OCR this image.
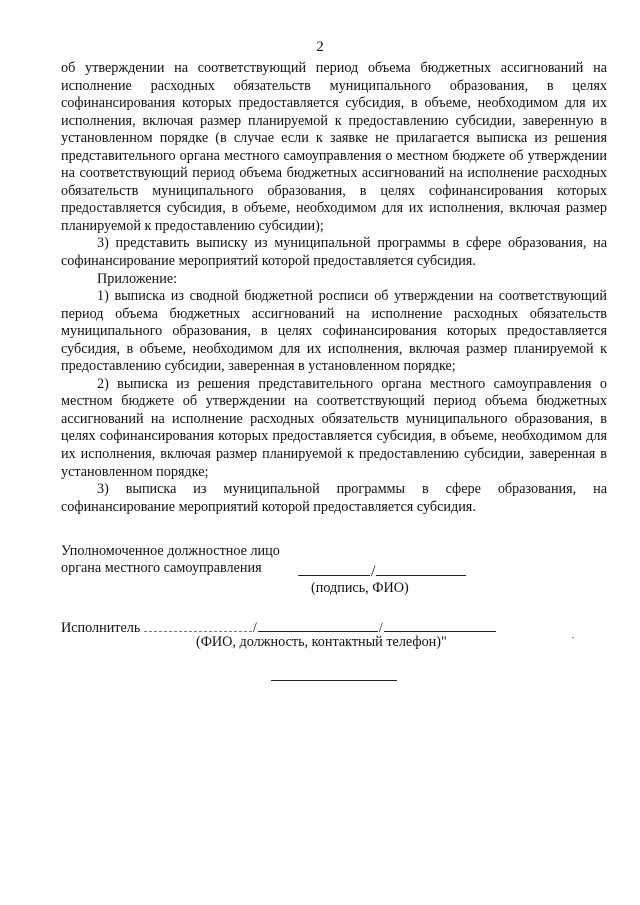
2

об утверждении на соответствующий период объема бюджетных ассигнований на исполнение расходных обязательств муниципального образования, в целях софинансирования которых предоставляется субсидия, в объеме, необходимом для их исполнения, включая размер планируемой к предоставлению субсидии, заверенную в установленном порядке (в случае если к заявке не прилагается выписка из решения представительного органа местного самоуправления о местном бюджете об утверждении на соответствующий период объема бюджетных ассигнований на исполнение расходных обязательств муниципального образования, в целях софинансирования которых предоставляется субсидия, в объеме, необходимом для их исполнения, включая размер планируемой к предоставлению субсидии);

3) представить выписку из муниципальной программы в сфере образования, на софинансирование мероприятий которой предоставляется субсидия.

Приложение:

1) выписка из сводной бюджетной росписи об утверждении на соответствующий период объема бюджетных ассигнований на исполнение расходных обязательств муниципального образования, в целях софинансирования которых предоставляется субсидия, в объеме, необходимом для их исполнения, включая размер планируемой к предоставлению субсидии, заверенная в установленном порядке;

2) выписка из решения представительного органа местного самоуправления о местном бюджете об утверждении на соответствующий период объема бюджетных ассигнований на исполнение расходных обязательств муниципального образования, в целях софинансирования которых предоставляется субсидия, в объеме, необходимом для их исполнения, включая размер планируемой к предоставлению субсидии, заверенная в установленном порядке;

3) выписка из муниципальной программы в сфере образования, на софинансирование мероприятий которой предоставляется субсидия.

Уполномоченное должностное лицо
органа местного самоуправления	/
(подпись, ФИО)
Исполнитель	/	/
(ФИО, должность, контактный телефон)"
